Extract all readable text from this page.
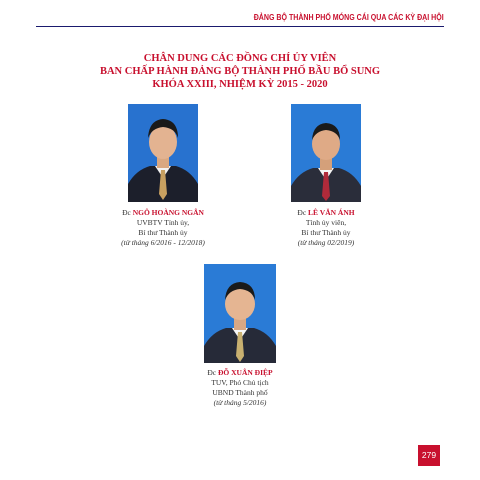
ĐẢNG BỘ THÀNH PHỐ MÓNG CÁI QUA CÁC KỲ ĐẠI HỘI
CHÂN DUNG CÁC ĐỒNG CHÍ ỦY VIÊN
BAN CHẤP HÀNH ĐẢNG BỘ THÀNH PHỐ BẦU BỔ SUNG
KHÓA XXIII, NHIỆM KỲ 2015 - 2020
Đc NGÔ HOÀNG NGÂN
UVBTV Tỉnh ủy,
Bí thư Thành ủy
(từ tháng 6/2016 - 12/2018)
Đc LÊ VĂN ÁNH
Tỉnh ủy viên,
Bí thư Thành ủy
(từ tháng 02/2019)
Đc ĐỖ XUÂN ĐIỆP
TUV, Phó Chủ tịch
UBND Thành phố
(từ tháng 5/2016)
279
